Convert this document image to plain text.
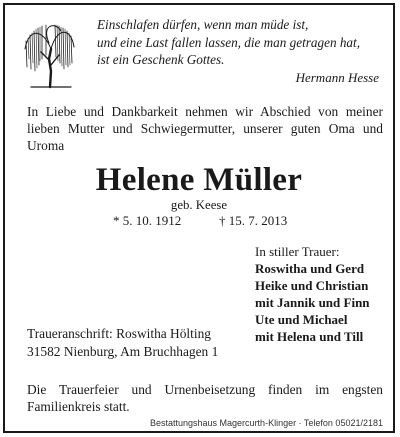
Einschlafen dürfen, wenn man müde ist,
und eine Last fallen lassen, die man getragen hat,
ist ein Geschenk Gottes.
Hermann Hesse
In Liebe und Dankbarkeit nehmen wir Abschied von meiner lieben Mutter und Schwiegermutter, unserer guten Oma und Uroma
Helene Müller
geb. Keese
* 5. 10. 1912	† 15. 7. 2013
In stiller Trauer:
Roswitha und Gerd
Heike und Christian
mit Jannik und Finn
Ute und Michael
mit Helena und Till
Traueranschrift: Roswitha Hölting
31582 Nienburg, Am Bruchhagen 1
Die Trauerfeier und Urnenbeisetzung finden im engsten Familienkreis statt.
Bestattungshaus Magercurth-Klinger · Telefon 05021/2181
